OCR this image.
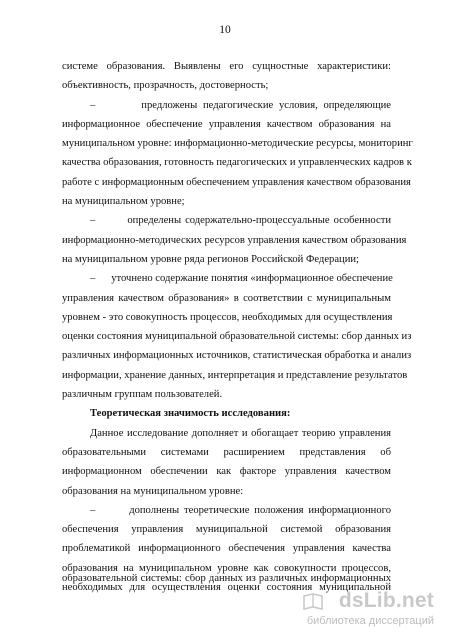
10
системе образования. Выявлены его сущностные характеристики:
объективность, прозрачность, достоверность;
–        предложены педагогические условия, определяющие
информационное обеспечение управления качеством образования на
муниципальном уровне: информационно-методические ресурсы, мониторинг
качества образования, готовность педагогических и управленческих кадров к
работе с информационным обеспечением управления качеством образования
на муниципальном уровне;
–        определены содержательно-процессуальные особенности
информационно-методических ресурсов управления качеством образования
на муниципальном уровне ряда регионов Российской Федерации;
–      уточнено содержание понятия «информационное обеспечение
управления качеством образования» в соответствии с муниципальным
уровнем - это совокупность процессов, необходимых для осуществления
оценки состояния муниципальной образовательной системы: сбор данных из
различных информационных источников, статистическая обработка и анализ
информации, хранение данных, интерпретация и представление результатов
различным группам пользователей.
Теоретическая значимость исследования:
Данное исследование дополняет и обогащает теорию управления
образовательными системами расширением представления об
информационном обеспечении как факторе управления качеством
образования на муниципальном уровне:
–       дополнены теоретические положения информационного
обеспечения управления муниципальной системой образования
проблематикой информационного обеспечения управления качества
образования на муниципальном уровне как совокупности процессов,
необходимых для осуществления оценки состояния муниципальной
образовательной системы: сбор данных из различных информационных
dsLib.net
библиотека диссертаций
